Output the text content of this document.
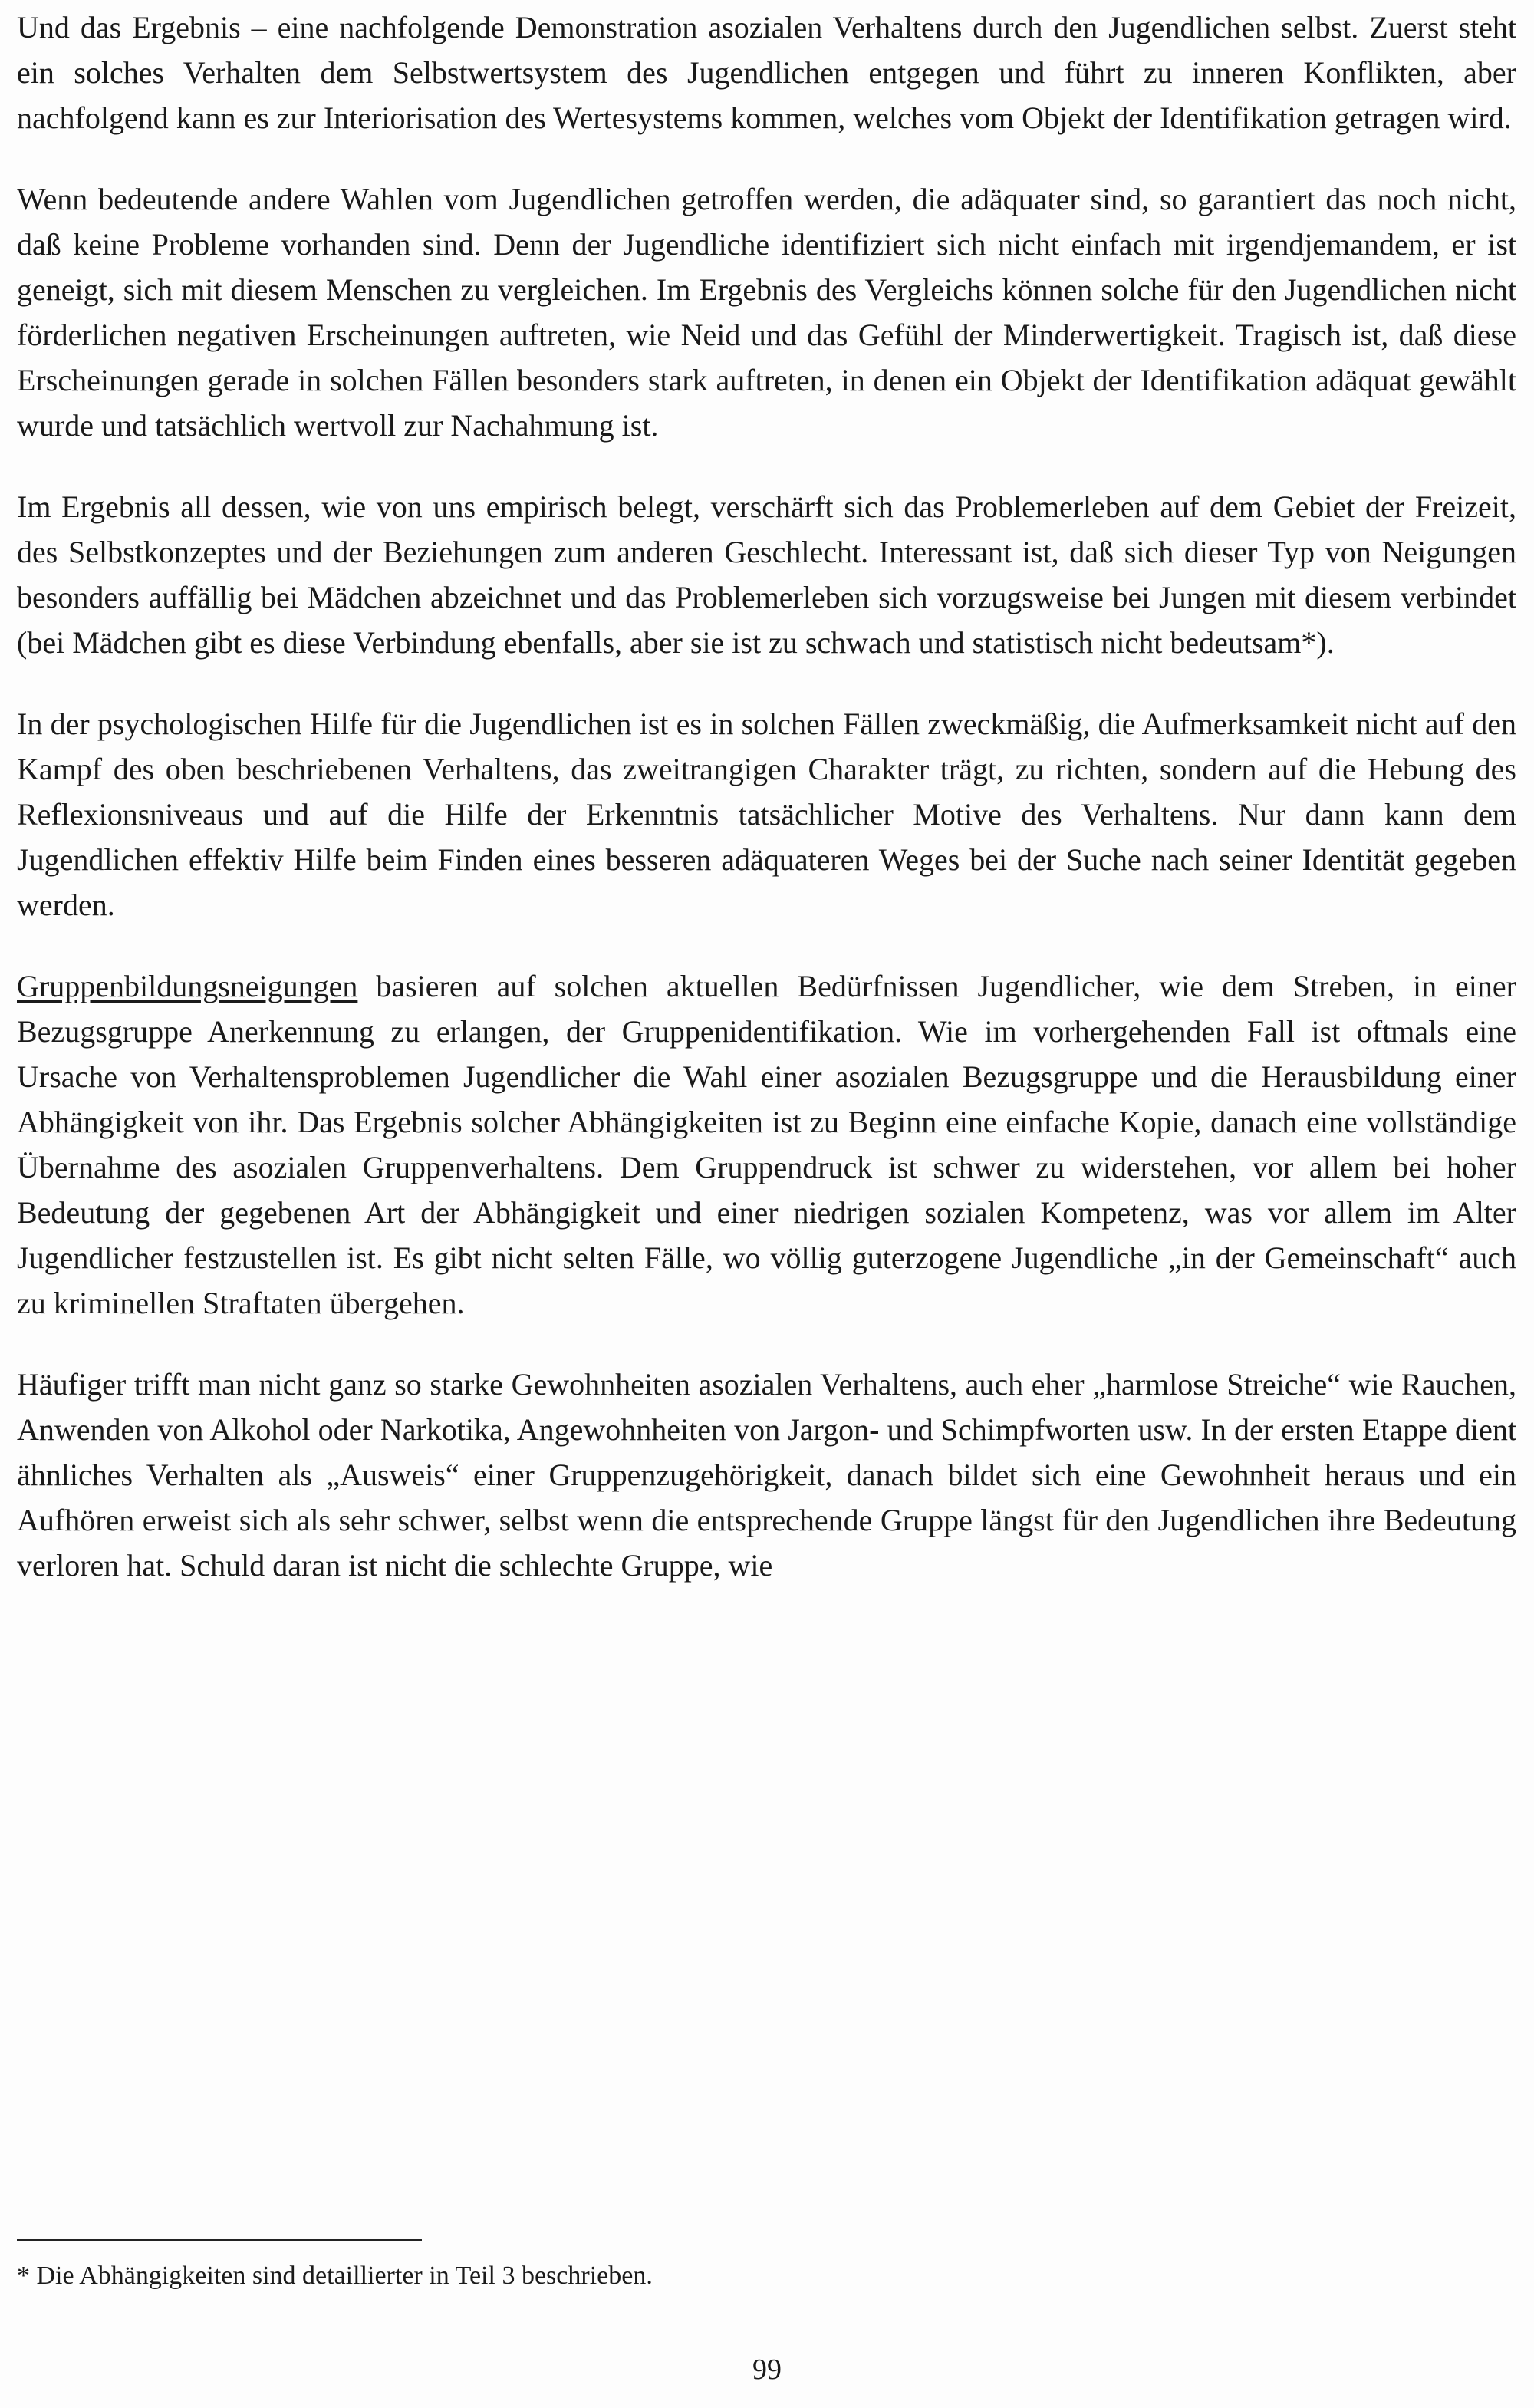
Und das Ergebnis – eine nachfolgende Demonstration asozialen Verhaltens durch den Jugendlichen selbst. Zuerst steht ein solches Verhalten dem Selbstwertsystem des Jugendlichen entgegen und führt zu inneren Konflikten, aber nachfolgend kann es zur Interiorisation des Wertesystems kommen, welches vom Objekt der Identifikation getragen wird.

Wenn bedeutende andere Wahlen vom Jugendlichen getroffen werden, die adäquater sind, so garantiert das noch nicht, daß keine Probleme vorhanden sind. Denn der Jugendliche identifiziert sich nicht einfach mit irgendjemandem, er ist geneigt, sich mit diesem Menschen zu vergleichen. Im Ergebnis des Vergleichs können solche für den Jugendlichen nicht förderlichen negativen Erscheinungen auftreten, wie Neid und das Gefühl der Minderwertigkeit. Tragisch ist, daß diese Erscheinungen gerade in solchen Fällen besonders stark auftreten, in denen ein Objekt der Identifikation adäquat gewählt wurde und tatsächlich wertvoll zur Nachahmung ist.

Im Ergebnis all dessen, wie von uns empirisch belegt, verschärft sich das Problemerleben auf dem Gebiet der Freizeit, des Selbstkonzeptes und der Beziehungen zum anderen Geschlecht. Interessant ist, daß sich dieser Typ von Neigungen besonders auffällig bei Mädchen abzeichnet und das Problemerleben sich vorzugsweise bei Jungen mit diesem verbindet (bei Mädchen gibt es diese Verbindung ebenfalls, aber sie ist zu schwach und statistisch nicht bedeutsam*).

In der psychologischen Hilfe für die Jugendlichen ist es in solchen Fällen zweckmäßig, die Aufmerksamkeit nicht auf den Kampf des oben beschriebenen Verhaltens, das zweitrangigen Charakter trägt, zu richten, sondern auf die Hebung des Reflexionsniveaus und auf die Hilfe der Erkenntnis tatsächlicher Motive des Verhaltens. Nur dann kann dem Jugendlichen effektiv Hilfe beim Finden eines besseren adäquateren Weges bei der Suche nach seiner Identität gegeben werden.

Gruppenbildungsneigungen basieren auf solchen aktuellen Bedürfnissen Jugendlicher, wie dem Streben, in einer Bezugsgruppe Anerkennung zu erlangen, der Gruppenidentifikation. Wie im vorhergehenden Fall ist oftmals eine Ursache von Verhaltensproblemen Jugendlicher die Wahl einer asozialen Bezugsgruppe und die Herausbildung einer Abhängigkeit von ihr. Das Ergebnis solcher Abhängigkeiten ist zu Beginn eine einfache Kopie, danach eine vollständige Übernahme des asozialen Gruppenverhaltens. Dem Gruppendruck ist schwer zu widerstehen, vor allem bei hoher Bedeutung der gegebenen Art der Abhängigkeit und einer niedrigen sozialen Kompetenz, was vor allem im Alter Jugendlicher festzustellen ist. Es gibt nicht selten Fälle, wo völlig guterzogene Jugendliche „in der Gemeinschaft“ auch zu kriminellen Straftaten übergehen.

Häufiger trifft man nicht ganz so starke Gewohnheiten asozialen Verhaltens, auch eher „harmlose Streiche“ wie Rauchen, Anwenden von Alkohol oder Narkotika, Angewohnheiten von Jargon- und Schimpfworten usw. In der ersten Etappe dient ähnliches Verhalten als „Ausweis“ einer Gruppenzugehörigkeit, danach bildet sich eine Gewohnheit heraus und ein Aufhören erweist sich als sehr schwer, selbst wenn die entsprechende Gruppe längst für den Jugendlichen ihre Bedeutung verloren hat. Schuld daran ist nicht die schlechte Gruppe, wie

* Die Abhängigkeiten sind detaillierter in Teil 3 beschrieben.

99
